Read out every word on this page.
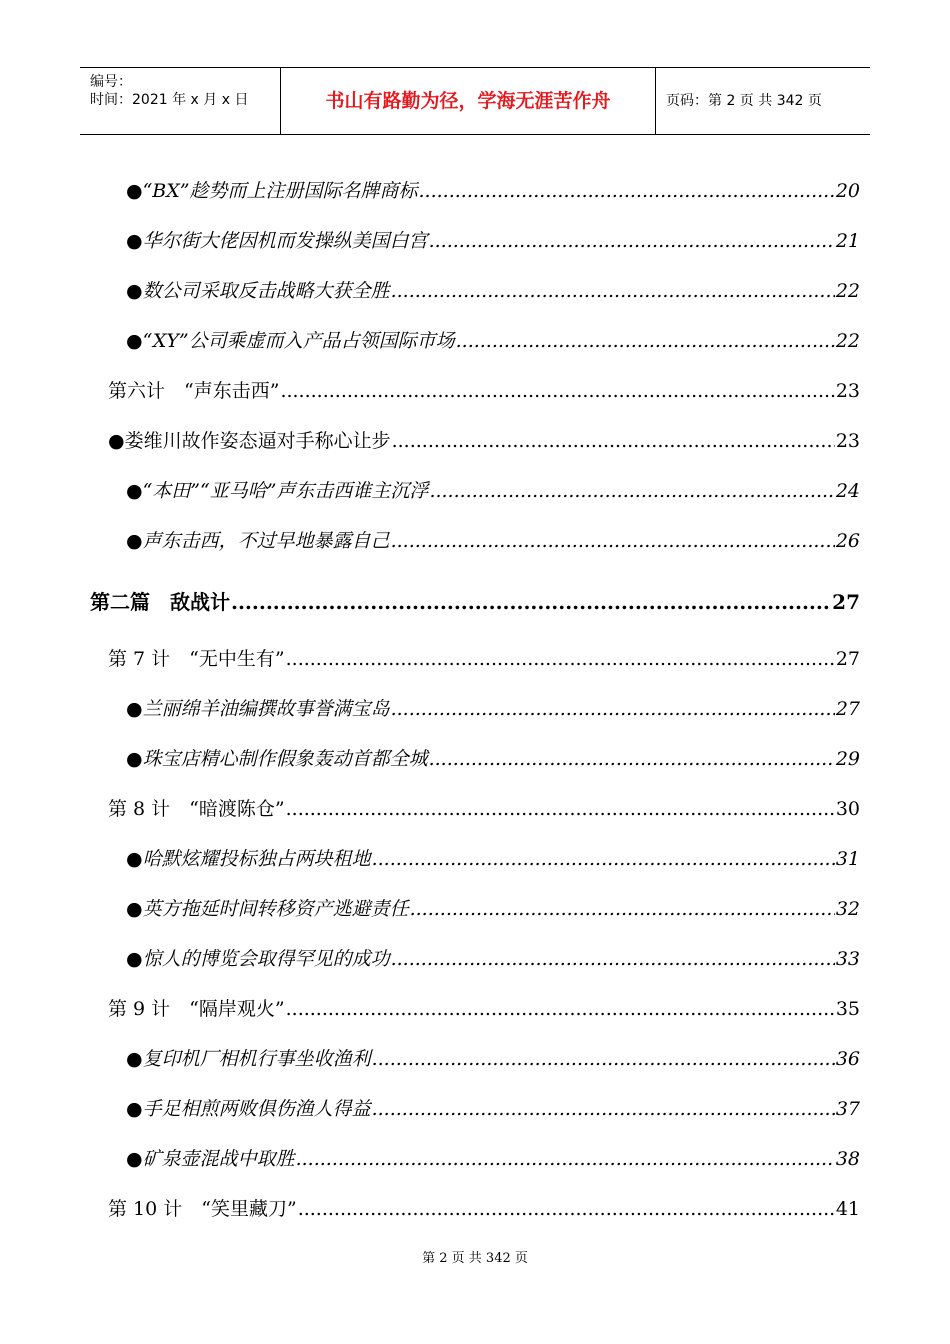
编号：
时间：2021 年 x 月 x 日	书山有路勤为径，学海无涯苦作舟	页码：第 2 页 共 342 页
●“BX”趁势而上注册国际名牌商标 .....	20
●华尔街大佬因机而发操纵美国白宫 .....	21
●数公司采取反击战略大获全胜 .....	22
●“XY”公司乘虚而入产品占领国际市场 .....	22
第六计　“声东击西” .....	23
●娄维川故作姿态逼对手称心让步 .....	23
●“本田”“亚马哈”声东击西谁主沉浮 .....	24
●声东击西，不过早地暴露自己 .....	26
第二篇　敌战计 .....	27
第 7 计　“无中生有” .....	27
●兰丽绵羊油编撰故事誉满宝岛 .....	27
●珠宝店精心制作假象轰动首都全城 .....	29
第 8 计　“暗渡陈仓” .....	30
●哈默炫耀投标独占两块租地 .....	31
●英方拖延时间转移资产逃避责任 .....	32
●惊人的博览会取得罕见的成功 .....	33
第 9 计　“隔岸观火” .....	35
●复印机厂相机行事坐收渔利 .....	36
●手足相煎两败俱伤渔人得益 .....	37
●矿泉壶混战中取胜 .....	38
第 10 计　“笑里藏刀” .....	41
第 2 页 共 342 页
